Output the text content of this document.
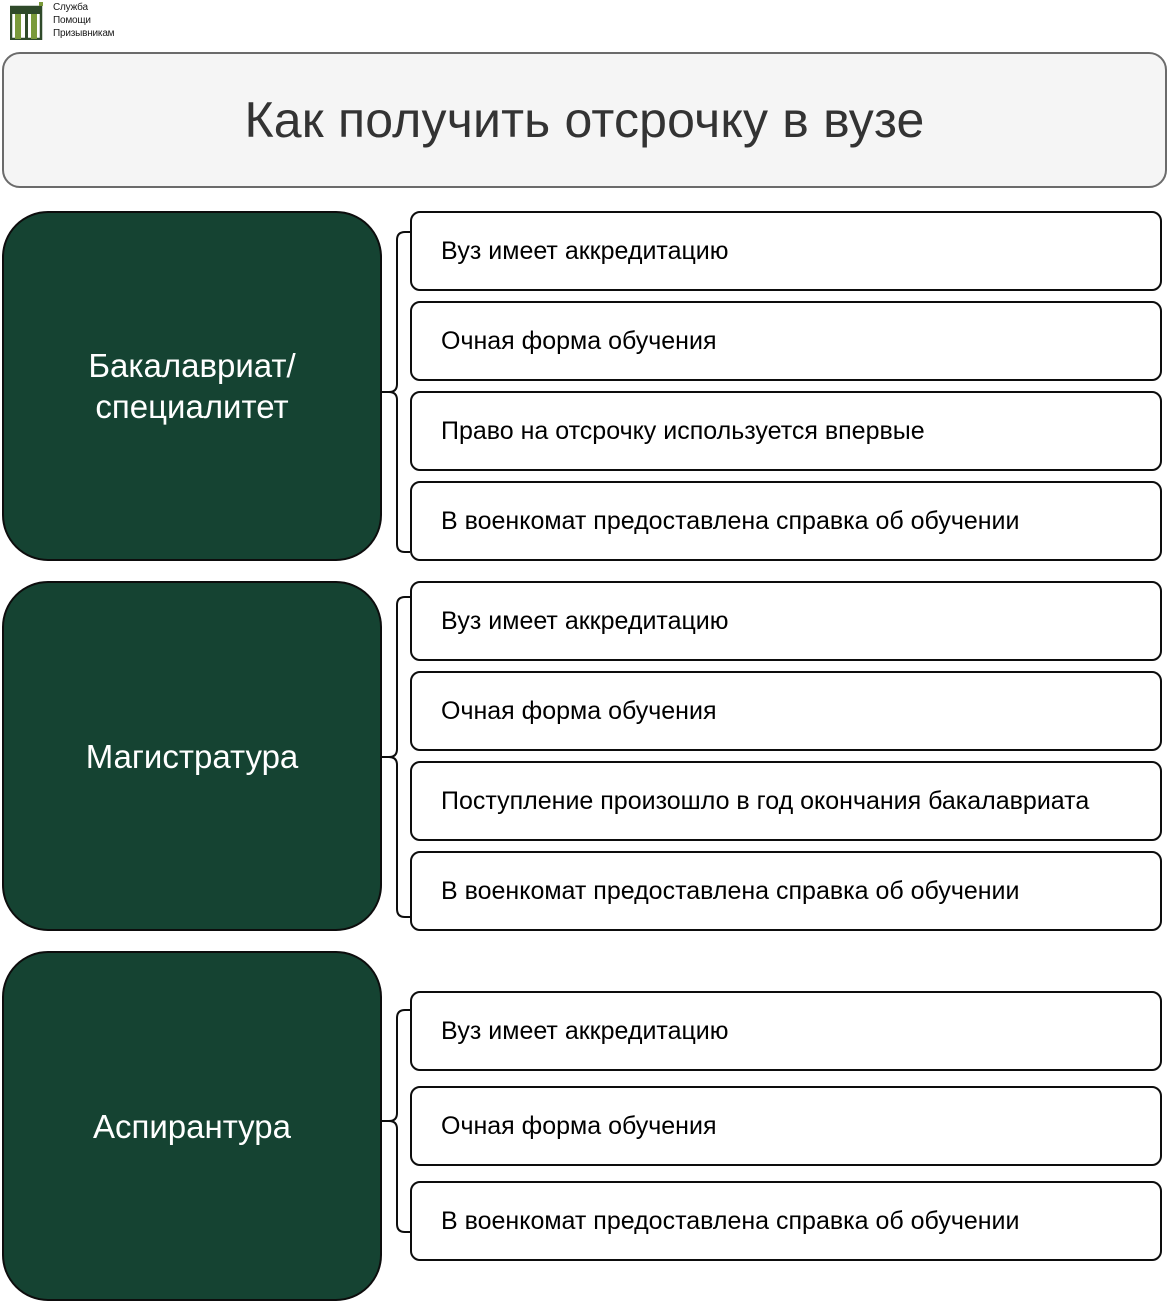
Служба
Помощи
Призывникам
Как получить отсрочку в вузе
Бакалавриат/
специалитет
Вуз имеет аккредитацию
Очная форма обучения
Право на отсрочку используется впервые
В военкомат предоставлена справка об обучении
Магистратура
Вуз имеет аккредитацию
Очная форма обучения
Поступление произошло в год окончания бакалавриата
В военкомат предоставлена справка об обучении
Аспирантура
Вуз имеет аккредитацию
Очная форма обучения
В военкомат предоставлена справка об обучении
